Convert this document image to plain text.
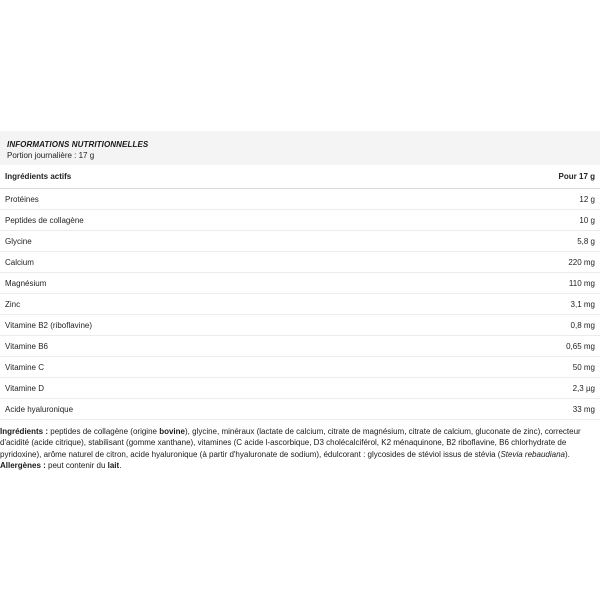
INFORMATIONS NUTRITIONNELLES
Portion journalière : 17 g
Ingrédients actifs	Pour 17 g
Protéines	12 g
Peptides de collagène	10 g
Glycine	5,8 g
Calcium	220 mg
Magnésium	110 mg
Zinc	3,1 mg
Vitamine B2 (riboflavine)	0,8 mg
Vitamine B6	0,65 mg
Vitamine C	50 mg
Vitamine D	2,3 µg
Acide hyaluronique	33 mg

Ingrédients : peptides de collagène (origine bovine), glycine, minéraux (lactate de calcium, citrate de magnésium, citrate de calcium, gluconate de zinc), correcteur d'acidité (acide citrique), stabilisant (gomme xanthane), vitamines (C acide l-ascorbique, D3 cholécalciférol, K2 ménaquinone, B2 riboflavine, B6 chlorhydrate de pyridoxine), arôme naturel de citron, acide hyaluronique (à partir d'hyaluronate de sodium), édulcorant : glycosides de stéviol issus de stévia (Stevia rebaudiana).

Allergènes : peut contenir du lait.
